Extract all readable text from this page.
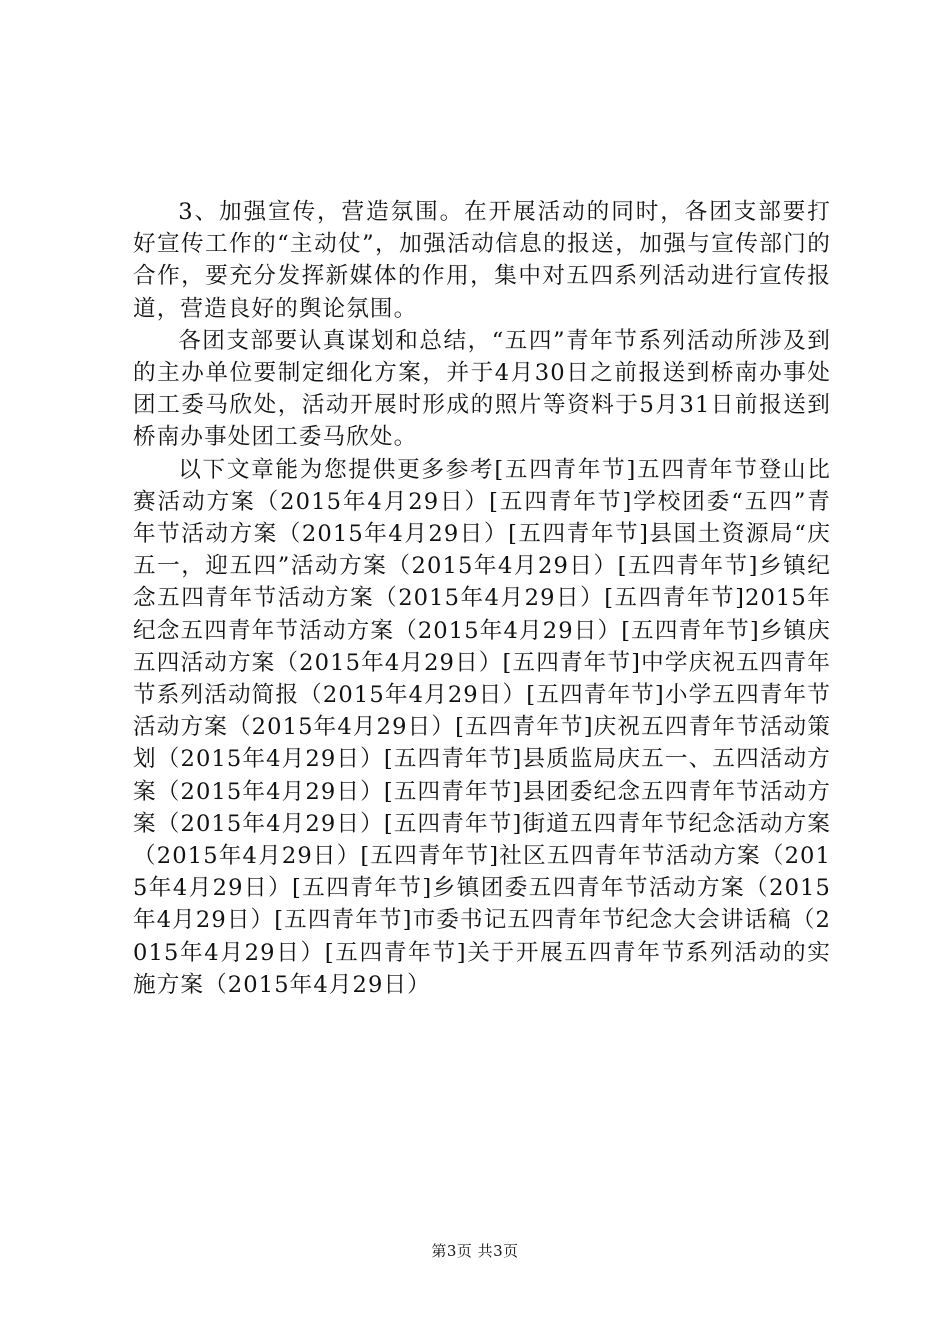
3、加强宣传，营造氛围。在开展活动的同时，各团支部要打好宣传工作的“主动仗”，加强活动信息的报送，加强与宣传部门的合作，要充分发挥新媒体的作用，集中对五四系列活动进行宣传报道，营造良好的舆论氛围。

各团支部要认真谋划和总结，“五四”青年节系列活动所涉及到的主办单位要制定细化方案，并于4月30日之前报送到桥南办事处团工委马欣处，活动开展时形成的照片等资料于5月31日前报送到桥南办事处团工委马欣处。

以下文章能为您提供更多参考[五四青年节]五四青年节登山比赛活动方案（2015年4月29日）[五四青年节]学校团委“五四”青年节活动方案（2015年4月29日）[五四青年节]县国土资源局“庆五一，迎五四”活动方案（2015年4月29日）[五四青年节]乡镇纪念五四青年节活动方案（2015年4月29日）[五四青年节]2015年纪念五四青年节活动方案（2015年4月29日）[五四青年节]乡镇庆五四活动方案（2015年4月29日）[五四青年节]中学庆祝五四青年节系列活动简报（2015年4月29日）[五四青年节]小学五四青年节活动方案（2015年4月29日）[五四青年节]庆祝五四青年节活动策划（2015年4月29日）[五四青年节]县质监局庆五一、五四活动方案（2015年4月29日）[五四青年节]县团委纪念五四青年节活动方案（2015年4月29日）[五四青年节]街道五四青年节纪念活动方案（2015年4月29日）[五四青年节]社区五四青年节活动方案（2015年4月29日）[五四青年节]乡镇团委五四青年节活动方案（2015年4月29日）[五四青年节]市委书记五四青年节纪念大会讲话稿（2015年4月29日）[五四青年节]关于开展五四青年节系列活动的实施方案（2015年4月29日）

第3页 共3页
